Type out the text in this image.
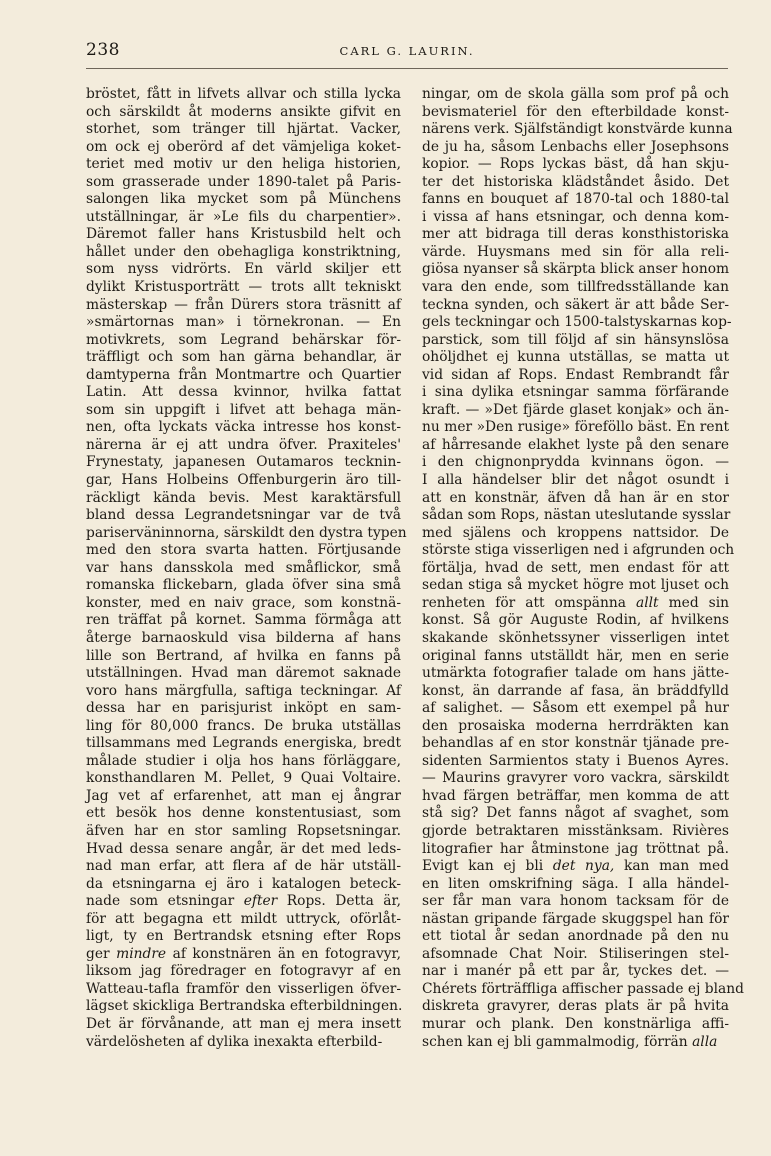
238	CARL G. LAURIN.

bröstet, fått in lifvets allvar och stilla lycka
och särskildt åt moderns ansikte gifvit en
storhet, som tränger till hjärtat. Vacker,
om ock ej oberörd af det vämjeliga koket-
teriet med motiv ur den heliga historien,
som grasserade under 1890-talet på Paris-
salongen lika mycket som på Münchens
utställningar, är »Le fils du charpentier».
Däremot faller hans Kristusbild helt och
hållet under den obehagliga konstriktning,
som nyss vidrörts. En värld skiljer ett
dylikt Kristusporträtt — trots allt tekniskt
mästerskap — från Dürers stora träsnitt af
»smärtornas man» i törnekronan. — En
motivkrets, som Legrand behärskar för-
träffligt och som han gärna behandlar, är
damtyperna från Montmartre och Quartier
Latin. Att dessa kvinnor, hvilka fattat
som sin uppgift i lifvet att behaga män-
nen, ofta lyckats väcka intresse hos konst-
närerna är ej att undra öfver. Praxiteles'
Frynestaty, japanesen Outamaros tecknin-
gar, Hans Holbeins Offenburgerin äro till-
räckligt kända bevis. Mest karaktärsfull
bland dessa Legrandetsningar var de två
pariserväninnorna, särskildt den dystra typen
med den stora svarta hatten. Förtjusande
var hans dansskola med småflickor, små
romanska flickebarn, glada öfver sina små
konster, med en naiv grace, som konstnä-
ren träffat på kornet. Samma förmåga att
återge barnaoskuld visa bilderna af hans
lille son Bertrand, af hvilka en fanns på
utställningen. Hvad man däremot saknade
voro hans märgfulla, saftiga teckningar. Af
dessa har en parisjurist inköpt en sam-
ling för 80,000 francs. De bruka utställas
tillsammans med Legrands energiska, bredt
målade studier i olja hos hans förläggare,
konsthandlaren M. Pellet, 9 Quai Voltaire.
Jag vet af erfarenhet, att man ej ångrar
ett besök hos denne konstentusiast, som
äfven har en stor samling Ropsetsningar.
Hvad dessa senare angår, är det med leds-
nad man erfar, att flera af de här utställ-
da etsningarna ej äro i katalogen beteck-
nade som etsningar efter Rops. Detta är,
för att begagna ett mildt uttryck, oförlåt-
ligt, ty en Bertrandsk etsning efter Rops
ger mindre af konstnären än en fotogravyr,
liksom jag föredrager en fotogravyr af en
Watteau-tafla framför den visserligen öfver-
lägset skickliga Bertrandska efterbildningen.
Det är förvånande, att man ej mera insett
värdelösheten af dylika inexakta efterbild-

ningar, om de skola gälla som prof på och
bevismateriel för den efterbildade konst-
närens verk. Själfständigt konstvärde kunna
de ju ha, såsom Lenbachs eller Josephsons
kopior. — Rops lyckas bäst, då han skju-
ter det historiska klädståndet åsido. Det
fanns en bouquet af 1870-tal och 1880-tal
i vissa af hans etsningar, och denna kom-
mer att bidraga till deras konsthistoriska
värde. Huysmans med sin för alla reli-
giösa nyanser så skärpta blick anser honom
vara den ende, som tillfredsställande kan
teckna synden, och säkert är att både Ser-
gels teckningar och 1500-talstyskarnas kop-
parstick, som till följd af sin hänsynslösa
ohöljdhet ej kunna utställas, se matta ut
vid sidan af Rops. Endast Rembrandt får
i sina dylika etsningar samma förfärande
kraft. — »Det fjärde glaset konjak» och än-
nu mer »Den rusige» föreföllo bäst. En rent
af hårresande elakhet lyste på den senare
i den chignonprydda kvinnans ögon. —
I alla händelser blir det något osundt i
att en konstnär, äfven då han är en stor
sådan som Rops, nästan uteslutande sysslar
med själens och kroppens nattsidor. De
störste stiga visserligen ned i afgrunden och
förtälja, hvad de sett, men endast för att
sedan stiga så mycket högre mot ljuset och
renheten för att omspänna allt med sin
konst. Så gör Auguste Rodin, af hvilkens
skakande skönhetssyner visserligen intet
original fanns utställdt här, men en serie
utmärkta fotografier talade om hans jätte-
konst, än darrande af fasa, än bräddfylld
af salighet. — Såsom ett exempel på hur
den prosaiska moderna herrdräkten kan
behandlas af en stor konstnär tjänade pre-
sidenten Sarmientos staty i Buenos Ayres.
— Maurins gravyrer voro vackra, särskildt
hvad färgen beträffar, men komma de att
stå sig? Det fanns något af svaghet, som
gjorde betraktaren misstänksam. Rivières
litografier har åtminstone jag tröttnat på.
Evigt kan ej bli det nya, kan man med
en liten omskrifning säga. I alla händel-
ser får man vara honom tacksam för de
nästan gripande färgade skuggspel han för
ett tiotal år sedan anordnade på den nu
afsomnade Chat Noir. Stiliseringen stel-
nar i manér på ett par år, tyckes det. —
Chérets förträffliga affischer passade ej bland
diskreta gravyrer, deras plats är på hvita
murar och plank. Den konstnärliga affi-
schen kan ej bli gammalmodig, förrän alla
